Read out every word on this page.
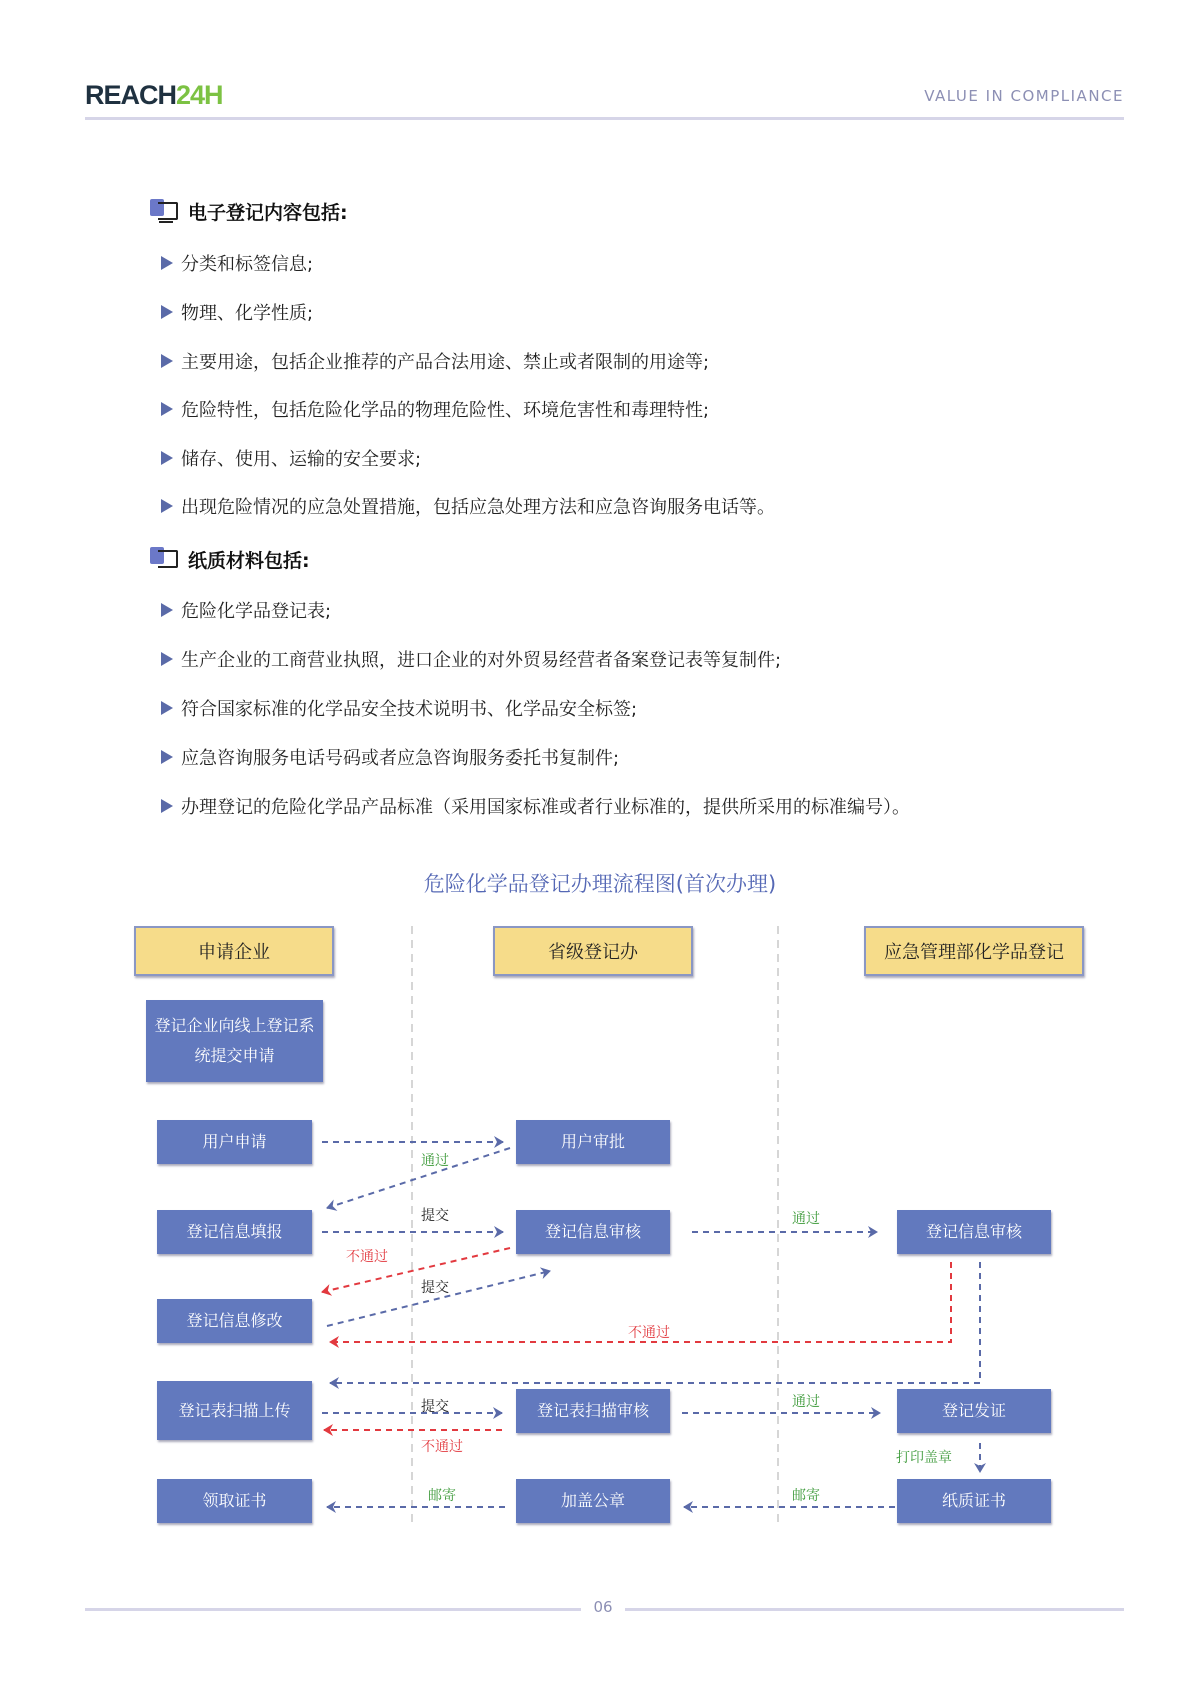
REACH24H	VALUE IN COMPLIANCE
电子登记内容包括:
纸质材料包括:
分类和标签信息;
物理、化学性质;
主要用途，包括企业推荐的产品合法用途、禁止或者限制的用途等;
危险特性，包括危险化学品的物理危险性、环境危害性和毒理特性;
储存、使用、运输的安全要求;
出现危险情况的应急处置措施，包括应急处理方法和应急咨询服务电话等。
危险化学品登记表;
生产企业的工商营业执照，进口企业的对外贸易经营者备案登记表等复制件;
符合国家标准的化学品安全技术说明书、化学品安全标签;
应急咨询服务电话号码或者应急咨询服务委托书复制件;
办理登记的危险化学品产品标准（采用国家标准或者行业标准的，提供所采用的标准编号）。
危险化学品登记办理流程图(首次办理)
申请企业	省级登记办	应急管理部化学品登记
登记企业向线上登记系统提交申请
用户申请	用户审批
登记信息填报	登记信息审核	登记信息审核
登记信息修改
登记表扫描上传	登记表扫描审核	登记发证
领取证书	加盖公章	纸质证书
通过
提交
不通过
提交
通过
不通过
提交
不通过
通过
打印盖章
邮寄
邮寄
06
